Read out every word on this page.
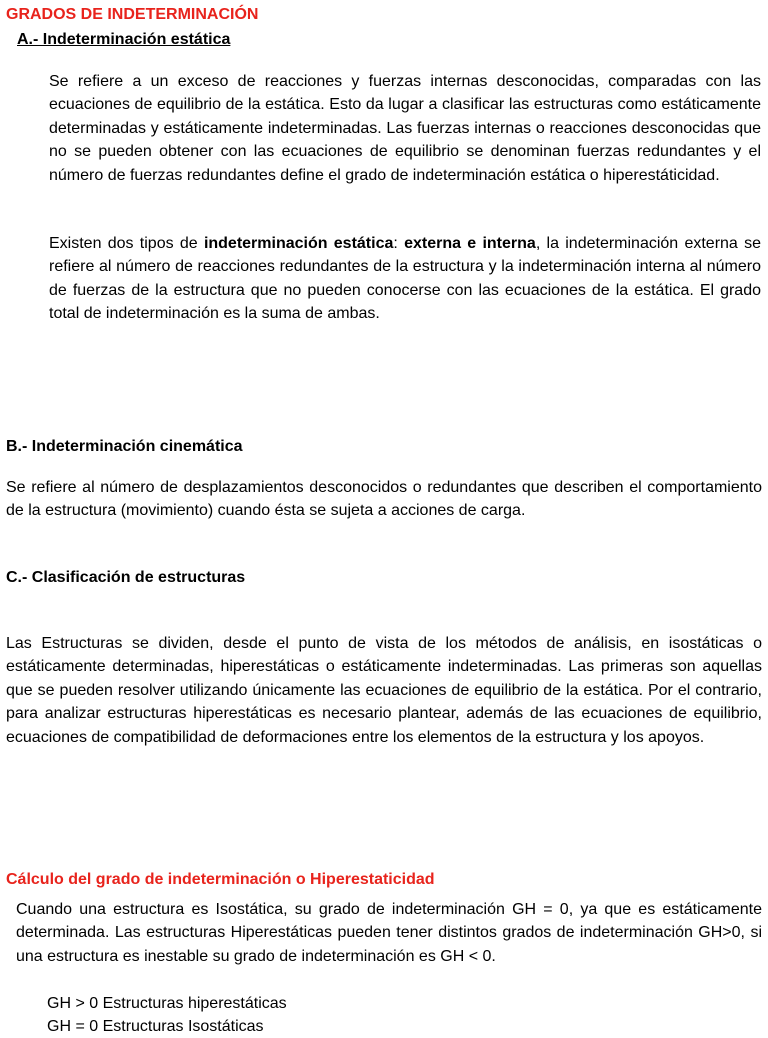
GRADOS DE INDETERMINACIÓN
A.- Indeterminación estática

Se refiere a un exceso de reacciones y fuerzas internas desconocidas, comparadas con las ecuaciones de equilibrio de la estática. Esto da lugar a clasificar las estructuras como estáticamente determinadas y estáticamente indeterminadas. Las fuerzas internas o reacciones desconocidas que no se pueden obtener con las ecuaciones de equilibrio se denominan fuerzas redundantes y el número de fuerzas redundantes define el grado de indeterminación estática o hiperestáticidad.

Existen dos tipos de indeterminación estática: externa e interna, la indeterminación externa se refiere al número de reacciones redundantes de la estructura y la indeterminación interna al número de fuerzas de la estructura que no pueden conocerse con las ecuaciones de la estática. El grado total de indeterminación es la suma de ambas.

B.- Indeterminación cinemática

Se refiere al número de desplazamientos desconocidos o redundantes que describen el comportamiento de la estructura (movimiento) cuando ésta se sujeta a acciones de carga.

C.- Clasificación de estructuras

Las Estructuras se dividen, desde el punto de vista de los métodos de análisis, en isostáticas o estáticamente determinadas, hiperestáticas o estáticamente indeterminadas. Las primeras son aquellas que se pueden resolver utilizando únicamente las ecuaciones de equilibrio de la estática. Por el contrario, para analizar estructuras hiperestáticas es necesario plantear, además de las ecuaciones de equilibrio, ecuaciones de compatibilidad de deformaciones entre los elementos de la estructura y los apoyos.

Cálculo del grado de indeterminación o Hiperestaticidad

Cuando una estructura es Isostática, su grado de indeterminación GH = 0, ya que es estáticamente determinada. Las estructuras Hiperestáticas pueden tener distintos grados de indeterminación GH>0, si una estructura es inestable su grado de indeterminación es GH < 0.

GH > 0 Estructuras hiperestáticas
GH = 0 Estructuras Isostáticas
